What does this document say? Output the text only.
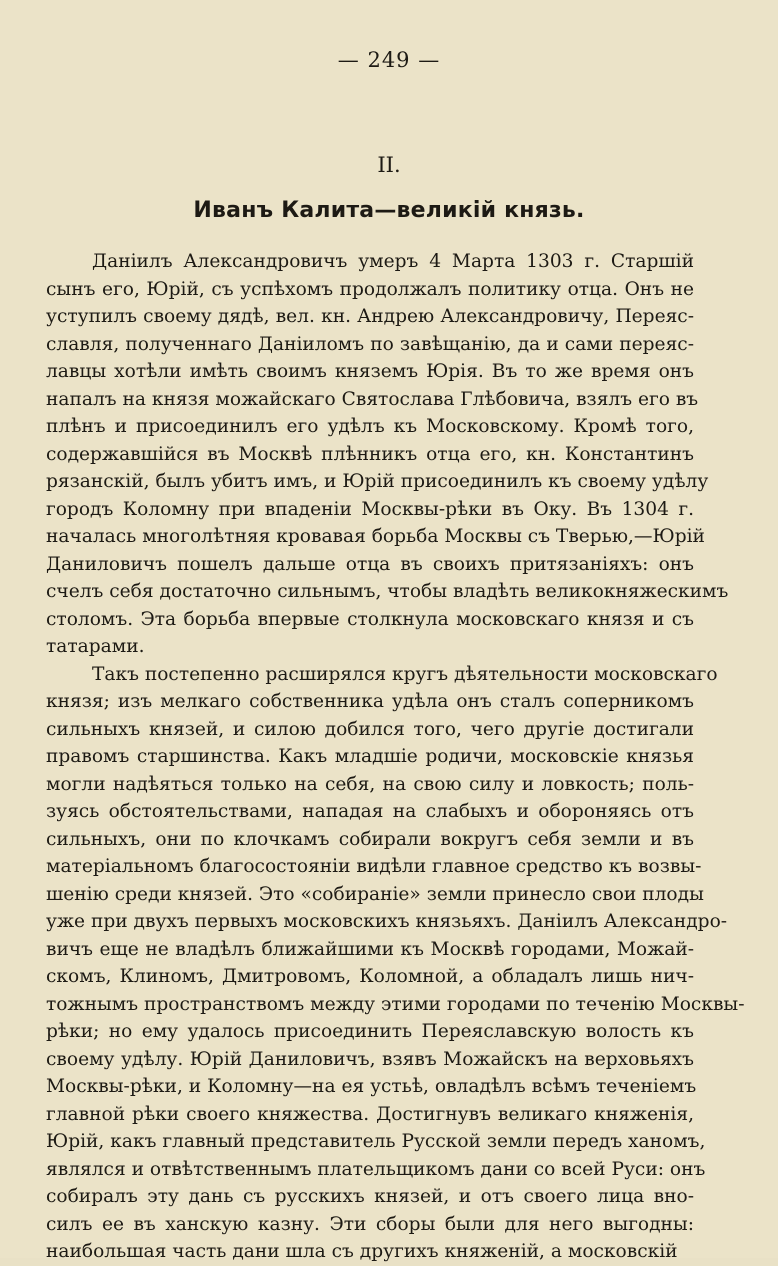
— 249 —
II.
Иванъ Калита—великій князь.
Даніилъ Александровичъ умеръ 4 Марта 1303 г. Старшій
сынъ его, Юрій, съ успѣхомъ продолжалъ политику отца. Онъ не
уступилъ своему дядѣ, вел. кн. Андрею Александровичу, Переяс-
славля, полученнаго Даніиломъ по завѣщанію, да и сами переяс-
лавцы хотѣли имѣть своимъ княземъ Юрія. Въ то же время онъ
напалъ на князя можайскаго Святослава Глѣбовича, взялъ его въ
плѣнъ и присоединилъ его удѣлъ къ Московскому. Кромѣ того,
содержавшійся въ Москвѣ плѣнникъ отца его, кн. Константинъ
рязанскій, былъ убитъ имъ, и Юрій присоединилъ къ своему удѣлу
городъ Коломну при впаденіи Москвы-рѣки въ Оку. Въ 1304 г.
началась многолѣтняя кровавая борьба Москвы съ Тверью,—Юрій
Даниловичъ пошелъ дальше отца въ своихъ притязаніяхъ: онъ
счелъ себя достаточно сильнымъ, чтобы владѣть великокняжескимъ
столомъ. Эта борьба впервые столкнула московскаго князя и съ
татарами.
Такъ постепенно расширялся кругъ дѣятельности московскаго
князя; изъ мелкаго собственника удѣла онъ сталъ соперникомъ
сильныхъ князей, и силою добился того, чего другіе достигали
правомъ старшинства. Какъ младшіе родичи, московскіе князья
могли надѣяться только на себя, на свою силу и ловкость; поль-
зуясь обстоятельствами, нападая на слабыхъ и обороняясь отъ
сильныхъ, они по клочкамъ собирали вокругъ себя земли и въ
матеріальномъ благосостояніи видѣли главное средство къ возвы-
шенію среди князей. Это «собираніе» земли принесло свои плоды
уже при двухъ первыхъ московскихъ князьяхъ. Даніилъ Александро-
вичъ еще не владѣлъ ближайшими къ Москвѣ городами, Можай-
скомъ, Клиномъ, Дмитровомъ, Коломной, а обладалъ лишь нич-
тожнымъ пространствомъ между этими городами по теченію Москвы-
рѣки; но ему удалось присоединить Переяславскую волость къ
своему удѣлу. Юрій Даниловичъ, взявъ Можайскъ на верховьяхъ
Москвы-рѣки, и Коломну—на ея устьѣ, овладѣлъ всѣмъ теченіемъ
главной рѣки своего княжества. Достигнувъ великаго княженія,
Юрій, какъ главный представитель Русской земли передъ ханомъ,
являлся и отвѣтственнымъ плательщикомъ дани со всей Руси: онъ
собиралъ эту дань съ русскихъ князей, и отъ своего лица вно-
силъ ее въ ханскую казну. Эти сборы были для него выгодны:
наибольшая часть дани шла съ другихъ княженій, а московскій
